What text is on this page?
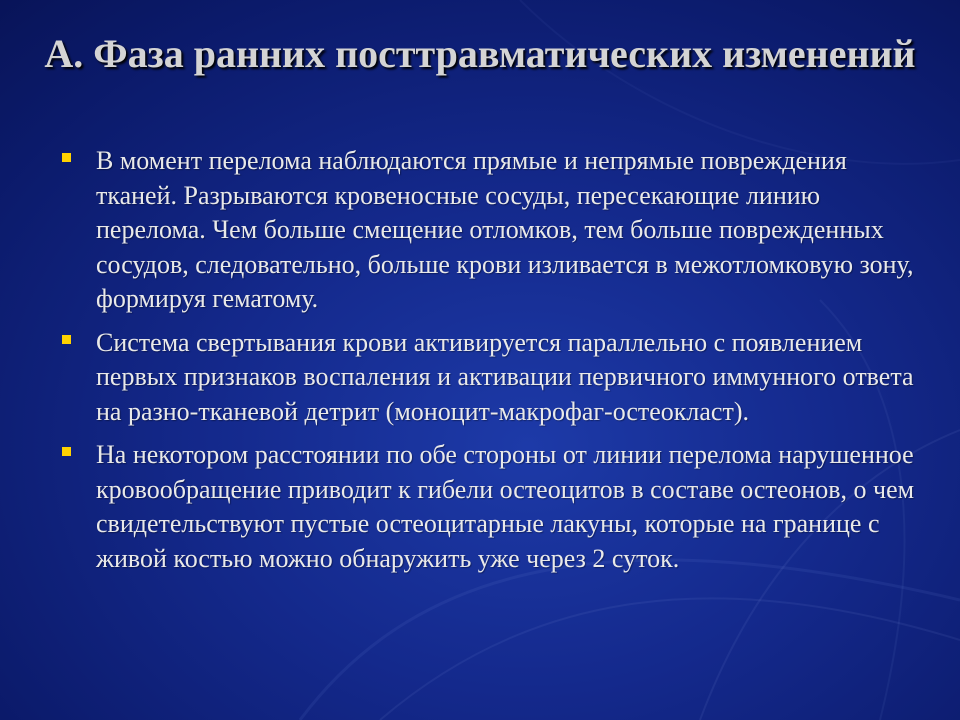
А. Фаза ранних посттравматических изменений
В момент перелома наблюдаются прямые и непрямые повреждения тканей. Разрываются кровеносные сосуды, пересекающие линию перелома. Чем больше смещение отломков, тем больше поврежденных сосудов, следовательно, больше крови изливается в межотломковую зону, формируя гематому.
Система свертывания крови активируется параллельно с появлением первых признаков воспаления и активации первичного иммунного ответа на разно-тканевой детрит (моноцит-макрофаг-остеокласт).
На некотором расстоянии по обе стороны от линии перелома нарушенное кровообращение приводит к гибели остеоцитов в составе остеонов, о чем свидетельствуют пустые остеоцитарные лакуны, которые на границе с живой костью можно обнаружить уже через 2 суток.
